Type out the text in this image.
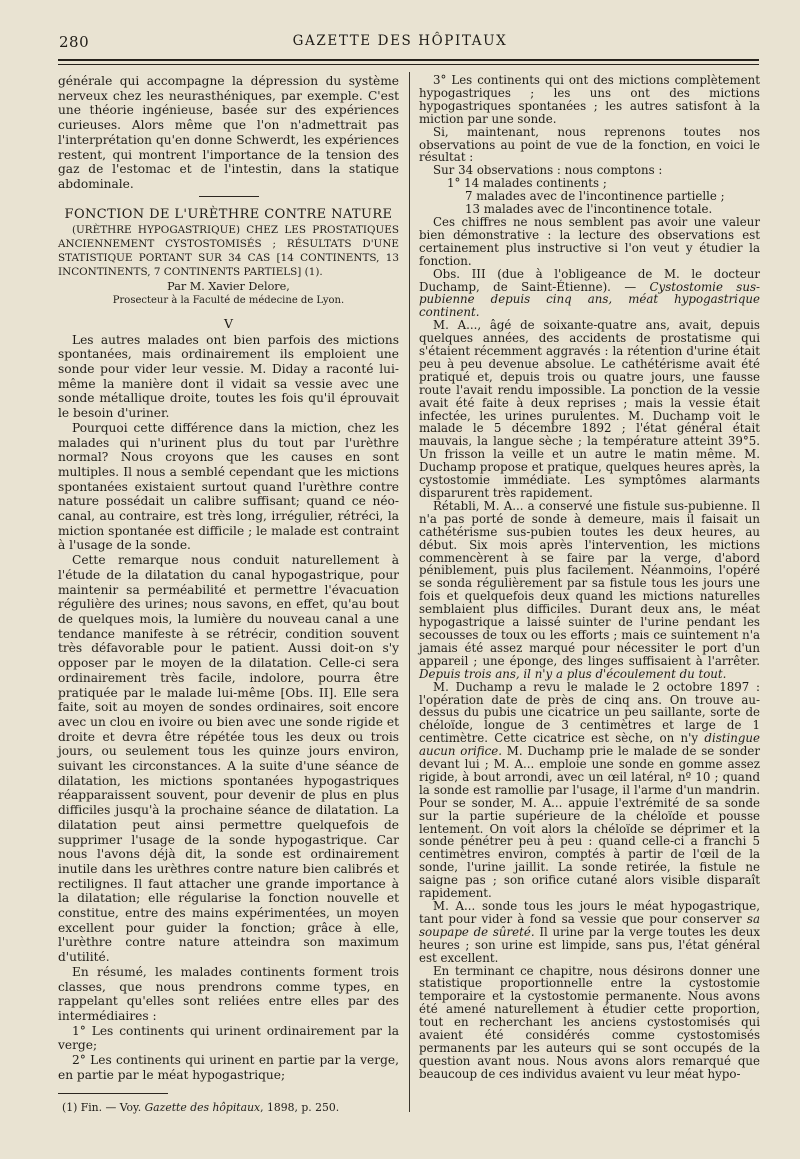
280	GAZETTE DES HÔPITAUX

générale qui accompagne la dépression du système nerveux chez les neurasthéniques, par exemple. C'est une théorie ingénieuse, basée sur des expériences curieuses. Alors même que l'on n'admettrait pas l'interprétation qu'en donne Schwerdt, les expériences restent, qui montrent l'importance de la tension des gaz de l'estomac et de l'intestin, dans la statique abdominale.

FONCTION DE L'URÈTHRE CONTRE NATURE

(URÈTHRE HYPOGASTRIQUE) CHEZ LES PROSTATIQUES ANCIENNEMENT CYSTOSTOMISÉS ; RÉSULTATS D'UNE STATISTIQUE PORTANT SUR 34 CAS [14 CONTINENTS, 13 INCONTINENTS, 7 CONTINENTS PARTIELS] (1).

Par M. Xavier Delore,
Prosecteur à la Faculté de médecine de Lyon.
V

Les autres malades ont bien parfois des mictions spontanées, mais ordinairement ils emploient une sonde pour vider leur vessie. M. Diday a raconté lui-même la manière dont il vidait sa vessie avec une sonde métallique droite, toutes les fois qu'il éprouvait le besoin d'uriner.

Pourquoi cette différence dans la miction, chez les malades qui n'urinent plus du tout par l'urèthre normal? Nous croyons que les causes en sont multiples. Il nous a semblé cependant que les mictions spontanées existaient surtout quand l'urèthre contre nature possédait un calibre suffisant; quand ce néo-canal, au contraire, est très long, irrégulier, rétréci, la miction spontanée est difficile ; le malade est contraint à l'usage de la sonde.

Cette remarque nous conduit naturellement à l'étude de la dilatation du canal hypogastrique, pour maintenir sa perméabilité et permettre l'évacuation régulière des urines; nous savons, en effet, qu'au bout de quelques mois, la lumière du nouveau canal a une tendance manifeste à se rétrécir, condition souvent très défavorable pour le patient. Aussi doit-on s'y opposer par le moyen de la dilatation. Celle-ci sera ordinairement très facile, indolore, pourra être pratiquée par le malade lui-même [Obs. II]. Elle sera faite, soit au moyen de sondes ordinaires, soit encore avec un clou en ivoire ou bien avec une sonde rigide et droite et devra être répétée tous les deux ou trois jours, ou seulement tous les quinze jours environ, suivant les circonstances. A la suite d'une séance de dilatation, les mictions spontanées hypogastriques réapparaissent souvent, pour devenir de plus en plus difficiles jusqu'à la prochaine séance de dilatation. La dilatation peut ainsi permettre quelquefois de supprimer l'usage de la sonde hypogastrique. Car nous l'avons déjà dit, la sonde est ordinairement inutile dans les urèthres contre nature bien calibrés et rectilignes. Il faut attacher une grande importance à la dilatation; elle régularise la fonction nouvelle et constitue, entre des mains expérimentées, un moyen excellent pour guider la fonction; grâce à elle, l'urèthre contre nature atteindra son maximum d'utilité.

En résumé, les malades continents forment trois classes, que nous prendrons comme types, en rappelant qu'elles sont reliées entre elles par des intermédiaires :

1° Les continents qui urinent ordinairement par la verge;

2° Les continents qui urinent en partie par la verge, en partie par le méat hypogastrique;

3° Les continents qui ont des mictions complètement hypogastriques ; les uns ont des mictions hypogastriques spontanées ; les autres satisfont à la miction par une sonde.

Si, maintenant, nous reprenons toutes nos observations au point de vue de la fonction, en voici le résultat :

Sur 34 observations : nous comptons :

1° 14 malades continents ;

7 malades avec de l'incontinence partielle ;

13 malades avec de l'incontinence totale.

Ces chiffres ne nous semblent pas avoir une valeur bien démonstrative : la lecture des observations est certainement plus instructive si l'on veut y étudier la fonction.

Obs. III (due à l'obligeance de M. le docteur Duchamp, de Saint-Étienne). — Cystostomie sus-pubienne depuis cinq ans, méat hypogastrique continent.

M. A..., âgé de soixante-quatre ans, avait, depuis quelques années, des accidents de prostatisme qui s'étaient récemment aggravés : la rétention d'urine était peu à peu devenue absolue. Le cathétérisme avait été pratiqué et, depuis trois ou quatre jours, une fausse route l'avait rendu impossible. La ponction de la vessie avait été faite à deux reprises ; mais la vessie était infectée, les urines purulentes. M. Duchamp voit le malade le 5 décembre 1892 ; l'état général était mauvais, la langue sèche ; la température atteint 39°5. Un frisson la veille et un autre le matin même. M. Duchamp propose et pratique, quelques heures après, la cystostomie immédiate. Les symptômes alarmants disparurent très rapidement.

Rétabli, M. A... a conservé une fistule sus-pubienne. Il n'a pas porté de sonde à demeure, mais il faisait un cathétérisme sus-pubien toutes les deux heures, au début. Six mois après l'intervention, les mictions commencèrent à se faire par la verge, d'abord péniblement, puis plus facilement. Néanmoins, l'opéré se sonda régulièrement par sa fistule tous les jours une fois et quelquefois deux quand les mictions naturelles semblaient plus difficiles. Durant deux ans, le méat hypogastrique a laissé suinter de l'urine pendant les secousses de toux ou les efforts ; mais ce suintement n'a jamais été assez marqué pour nécessiter le port d'un appareil ; une éponge, des linges suffisaient à l'arrêter. Depuis trois ans, il n'y a plus d'écoulement du tout.

M. Duchamp a revu le malade le 2 octobre 1897 : l'opération date de près de cinq ans. On trouve au-dessus du pubis une cicatrice un peu saillante, sorte de chéloïde, longue de 3 centimètres et large de 1 centimètre. Cette cicatrice est sèche, on n'y distingue aucun orifice. M. Duchamp prie le malade de se sonder devant lui ; M. A... emploie une sonde en gomme assez rigide, à bout arrondi, avec un œil latéral, nº 10 ; quand la sonde est ramollie par l'usage, il l'arme d'un mandrin. Pour se sonder, M. A... appuie l'extrémité de sa sonde sur la partie supérieure de la chéloïde et pousse lentement. On voit alors la chéloïde se déprimer et la sonde pénétrer peu à peu : quand celle-ci a franchi 5 centimètres environ, comptés à partir de l'œil de la sonde, l'urine jaillit. La sonde retirée, la fistule ne saigne pas ; son orifice cutané alors visible disparaît rapidement.

M. A... sonde tous les jours le méat hypogastrique, tant pour vider à fond sa vessie que pour conserver sa soupape de sûreté. Il urine par la verge toutes les deux heures ; son urine est limpide, sans pus, l'état général est excellent.

En terminant ce chapitre, nous désirons donner une statistique proportionnelle entre la cystostomie temporaire et la cystostomie permanente. Nous avons été amené naturellement à étudier cette proportion, tout en recherchant les anciens cystostomisés qui avaient été considérés comme cystostomisés permanents par les auteurs qui se sont occupés de la question avant nous. Nous avons alors remarqué que beaucoup de ces individus avaient vu leur méat hypo-

(1) Fin. — Voy. Gazette des hôpitaux, 1898, p. 250.
